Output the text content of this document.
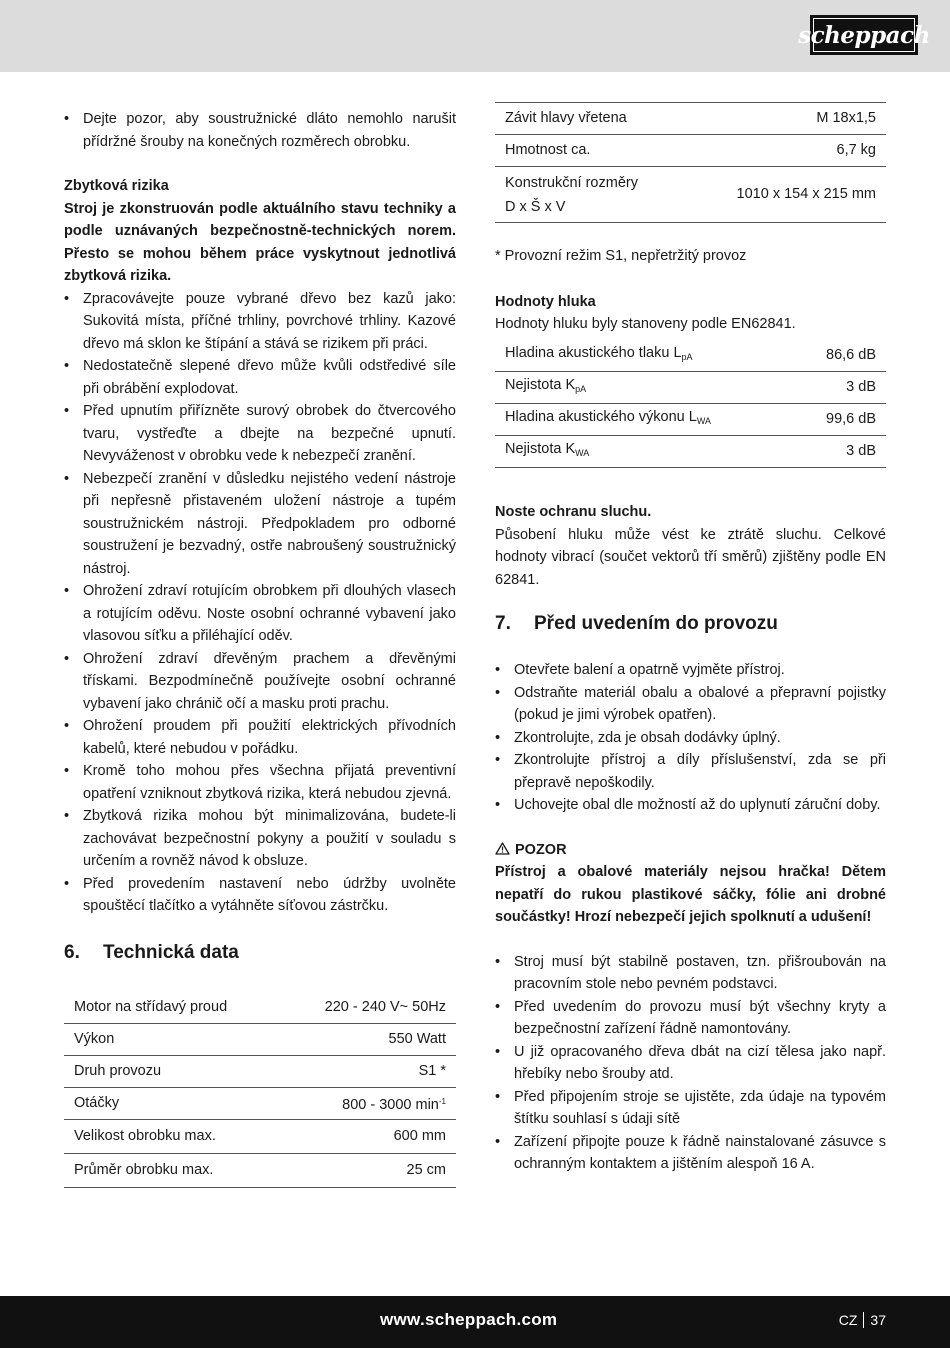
scheppach
• Dejte pozor, aby soustružnické dláto nemohlo narušit přídržné šrouby na konečných rozměrech obrobku.

Zbytková rizika

Stroj je zkonstruován podle aktuálního stavu techniky a podle uznávaných bezpečnostně-technických norem. Přesto se mohou během práce vyskytnout jednotlivá zbytková rizika.

• Zpracovávejte pouze vybrané dřevo bez kazů jako: Sukovitá místa, příčné trhliny, povrchové trhliny. Kazové dřevo má sklon ke štípání a stává se rizikem při práci.
• Nedostatečně slepené dřevo může kvůli odstředivé síle při obrábění explodovat.
• Před upnutím přiřízněte surový obrobek do čtvercového tvaru, vystřeďte a dbejte na bezpečné upnutí. Nevyváženost v obrobku vede k nebezpečí zranění.
• Nebezpečí zranění v důsledku nejistého vedení nástroje při nepřesně přistaveném uložení nástroje a tupém soustružnickém nástroji. Předpokladem pro odborné soustružení je bezvadný, ostře nabroušený soustružnický nástroj.
• Ohrožení zdraví rotujícím obrobkem při dlouhých vlasech a rotujícím oděvu. Noste osobní ochranné vybavení jako vlasovou síťku a přiléhající oděv.
• Ohrožení zdraví dřevěným prachem a dřevěnými třískami. Bezpodmínečně používejte osobní ochranné vybavení jako chránič očí a masku proti prachu.
• Ohrožení proudem při použití elektrických přívodních kabelů, které nebudou v pořádku.
• Kromě toho mohou přes všechna přijatá preventivní opatření vzniknout zbytková rizika, která nebudou zjevná.
• Zbytková rizika mohou být minimalizována, budete-li zachovávat bezpečnostní pokyny a použití v souladu s určením a rovněž návod k obsluze.
• Před provedením nastavení nebo údržby uvolněte spouštěcí tlačítko a vytáhněte síťovou zástrčku.
6.	Technická data
Motor na střídavý proud	220 - 240 V~ 50Hz
Výkon	550 Watt
Druh provozu	S1 *
Otáčky	800 - 3000 $\min^{-1}$
Velikost obrobku max.	600 mm
Průměr obrobku max.	25 cm
Závit hlavy vřetena	M 18x1,5
Hmotnost ca.	6,7 kg
Konstrukční rozměry
D x Š x V	1010 x 154 x 215 mm

* Provozní režim S1, nepřetržitý provoz

Hodnoty hluka

Hodnoty hluku byly stanoveny podle EN62841.

Hladina akustického tlaku $L_{pA}$	86,6 dB
Nejistota $K_{pA}$	3 dB
Hladina akustického výkonu $L_{WA}$	99,6 dB
Nejistota $K_{WA}$	3 dB

Noste ochranu sluchu.

Působení hluku může vést ke ztrátě sluchu. Celkové hodnoty vibrací (součet vektorů tří směrů) zjištěny podle EN 62841.

7.	Před uvedením do provozu
• Otevřete balení a opatrně vyjměte přístroj.
• Odstraňte materiál obalu a obalové a přepravní pojistky (pokud je jimi výrobek opatřen).
• Zkontrolujte, zda je obsah dodávky úplný.
• Zkontrolujte přístroj a díly příslušenství, zda se při přepravě nepoškodily.
• Uchovejte obal dle možností až do uplynutí záruční doby.

POZOR

Přístroj a obalové materiály nejsou hračka! Dětem nepatří do rukou plastikové sáčky, fólie ani drobné součástky! Hrozí nebezpečí jejich spolknutí a udušení!

• Stroj musí být stabilně postaven, tzn. přišroubován na pracovním stole nebo pevném podstavci.
• Před uvedením do provozu musí být všechny kryty a bezpečnostní zařízení řádně namontovány.
• U již opracovaného dřeva dbát na cizí tělesa jako např. hřebíky nebo šrouby atd.
• Před připojením stroje se ujistěte, zda údaje na typovém štítku souhlasí s údaji sítě
• Zařízení připojte pouze k řádně nainstalované zásuvce s ochranným kontaktem a jištěním alespoň 16 A.
www.scheppach.com	CZ 37
